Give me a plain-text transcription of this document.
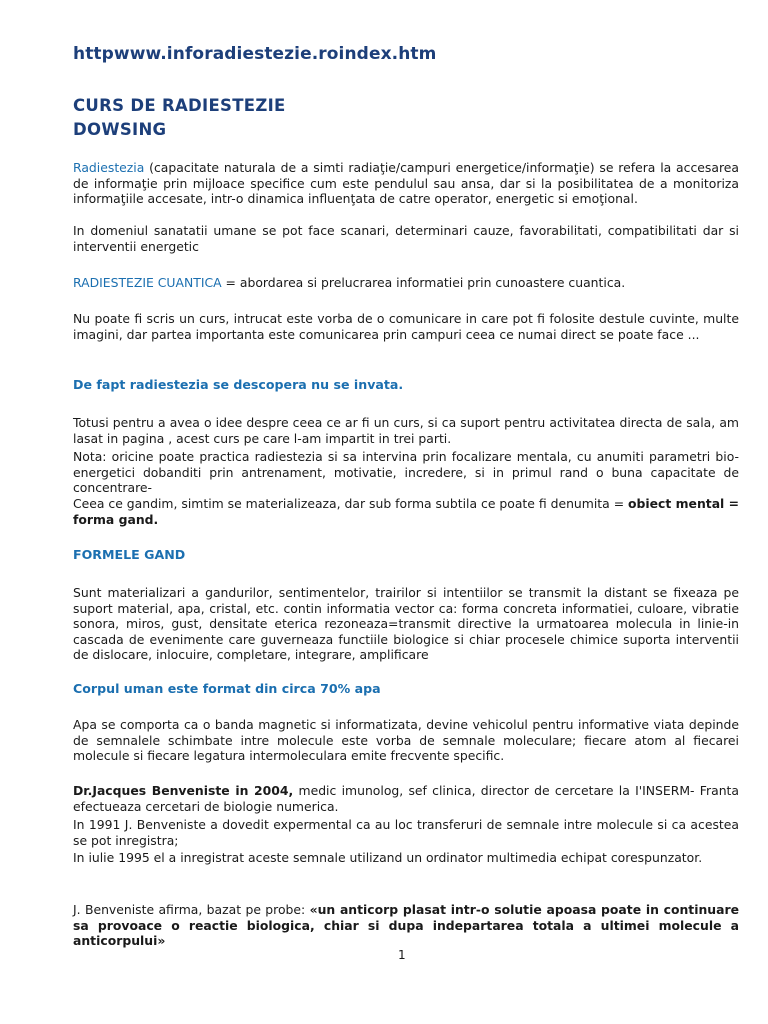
httpwww.inforadiestezie.roindex.htm

CURS DE RADIESTEZIE
DOWSING

Radiestezia (capacitate naturala de a simti radiaţie/campuri energetice/informaţie) se refera la accesarea de informaţie prin mijloace specifice cum este pendulul sau ansa, dar si la posibilitatea de a monitoriza informaţiile accesate, intr-o dinamica influenţata de catre operator, energetic si emoţional.

In domeniul sanatatii umane se pot face scanari, determinari cauze, favorabilitati, compatibilitati dar si interventii energetic

RADIESTEZIE CUANTICA = abordarea si prelucrarea informatiei prin cunoastere cuantica.

Nu poate fi scris un curs, intrucat este vorba de o comunicare in care pot fi folosite destule cuvinte, multe imagini, dar partea importanta este comunicarea prin campuri ceea ce numai direct se poate face ...

De fapt radiestezia se descopera nu se invata.

Totusi pentru a avea o idee despre ceea ce ar fi un curs, si ca suport pentru activitatea directa de sala, am lasat in pagina , acest curs pe care l-am impartit in trei parti.

Nota: oricine poate practica radiestezia si sa intervina prin focalizare mentala, cu anumiti parametri bio-energetici dobanditi prin antrenament, motivatie, incredere, si in primul rand o buna capacitate de concentrare-

Ceea ce gandim, simtim se materializeaza, dar sub forma subtila ce poate fi denumita = obiect mental = forma gand.

FORMELE GAND

Sunt materializari a gandurilor, sentimentelor, trairilor si intentiilor se transmit la distant se fixeaza pe suport material, apa, cristal, etc. contin informatia vector ca: forma concreta informatiei, culoare, vibratie sonora, miros, gust, densitate eterica rezoneaza=transmit directive la urmatoarea molecula in linie-in cascada de evenimente care guverneaza functiile biologice si chiar procesele chimice suporta interventii de dislocare, inlocuire, completare, integrare, amplificare

Corpul uman este format din circa 70% apa

Apa se comporta ca o banda magnetic si informatizata, devine vehicolul pentru informative viata depinde de semnalele schimbate intre molecule este vorba de semnale moleculare; fiecare atom al fiecarei molecule si fiecare legatura intermoleculara emite frecvente specific.

Dr.Jacques Benveniste in 2004, medic imunolog, sef clinica, director de cercetare la I'INSERM- Franta efectueaza cercetari de biologie numerica.

In 1991 J. Benveniste a dovedit expermental ca au loc transferuri de semnale intre molecule si ca acestea se pot inregistra;

In iulie 1995 el a inregistrat aceste semnale utilizand un ordinator multimedia echipat corespunzator.

J. Benveniste afirma, bazat pe probe: «un anticorp plasat intr-o solutie apoasa poate in continuare sa provoace o reactie biologica, chiar si dupa indepartarea totala a ultimei molecule a anticorpului»

1
